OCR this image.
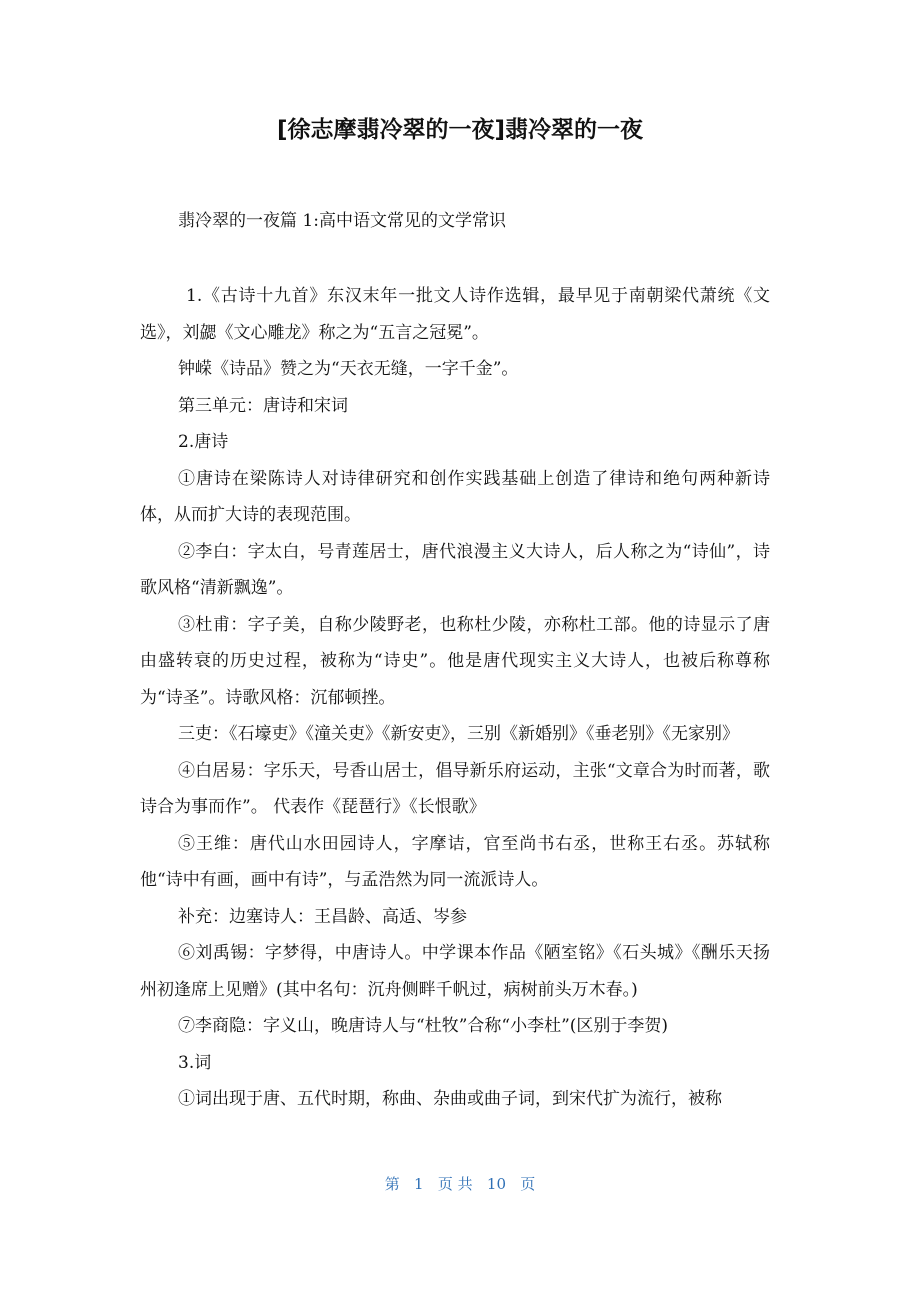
[徐志摩翡冷翠的一夜]翡冷翠的一夜

翡冷翠的一夜篇 1:高中语文常见的文学常识

1.《古诗十九首》东汉末年一批文人诗作选辑，最早见于南朝梁代萧统《文选》，刘勰《文心雕龙》称之为“五言之冠冕”。

钟嵘《诗品》赞之为“天衣无缝，一字千金”。

第三单元：唐诗和宋词

2.唐诗

①唐诗在梁陈诗人对诗律研究和创作实践基础上创造了律诗和绝句两种新诗体，从而扩大诗的表现范围。

②李白：字太白，号青莲居士，唐代浪漫主义大诗人，后人称之为“诗仙”，诗歌风格“清新飘逸”。

③杜甫：字子美，自称少陵野老，也称杜少陵，亦称杜工部。他的诗显示了唐由盛转衰的历史过程，被称为“诗史”。他是唐代现实主义大诗人，也被后称尊称为“诗圣”。诗歌风格：沉郁顿挫。

三吏：《石壕吏》《潼关吏》《新安吏》，三别《新婚别》《垂老别》《无家别》

④白居易：字乐天，号香山居士，倡导新乐府运动，主张“文章合为时而著，歌诗合为事而作”。 代表作《琵琶行》《长恨歌》

⑤王维：唐代山水田园诗人，字摩诘，官至尚书右丞，世称王右丞。苏轼称他“诗中有画，画中有诗”，与孟浩然为同一流派诗人。

补充：边塞诗人：王昌龄、高适、岑参

⑥刘禹锡：字梦得，中唐诗人。中学课本作品《陋室铭》《石头城》《酬乐天扬州初逢席上见赠》(其中名句：沉舟侧畔千帆过，病树前头万木春。)

⑦李商隐：字义山，晚唐诗人与“杜牧”合称“小李杜”(区别于李贺)

3.词

①词出现于唐、五代时期，称曲、杂曲或曲子词，到宋代扩为流行，被称

第   1   页 共   10   页
